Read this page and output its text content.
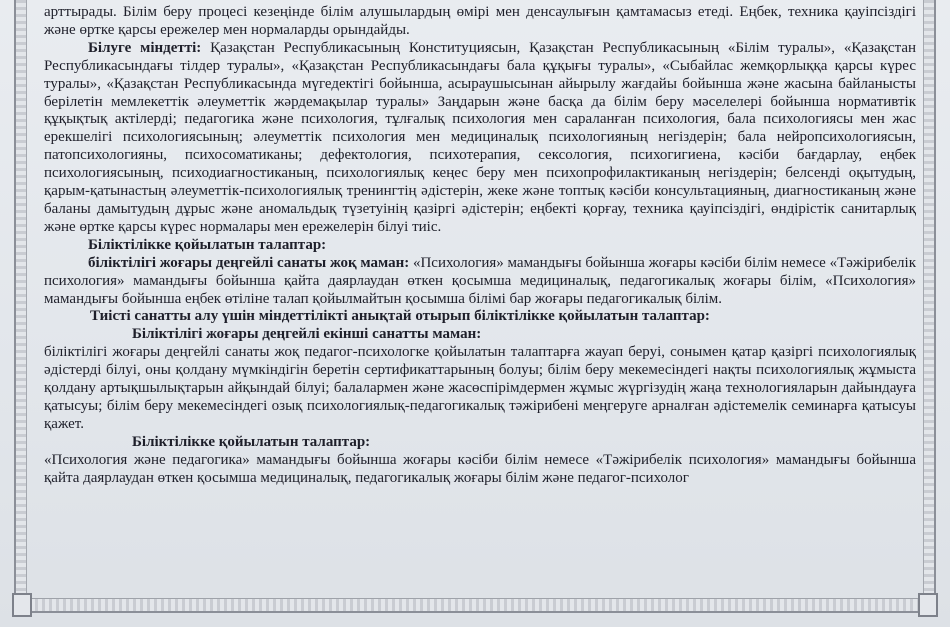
арттырады. Білім беру процесі кезеңінде білім алушылардың өмірі мен денсаулығын қамтамасыз етеді. Еңбек, техника қауіпсіздігі және өртке қарсы ережелер мен нормаларды орындайды.

Білуге міндетті: Қазақстан Республикасының Конституциясын, Қазақстан Республикасының «Білім туралы», «Қазақстан Республикасындағы тілдер туралы», «Қазақстан Республикасындағы бала құқығы туралы», «Сыбайлас жемқорлыққа қарсы күрес туралы», «Қазақстан Республикасында мүгедектігі бойынша, асыраушысынан айырылу жағдайы бойынша және жасына байланысты берілетін мемлекеттік әлеуметтік жәрдемақылар туралы» Заңдарын және басқа да білім беру мәселелері бойынша нормативтік құқықтық актілерді; педагогика және психология, тұлғалық психология мен сараланған психология, бала психологиясы мен жас ерекшелігі психологиясының; әлеуметтік психология мен медициналық психологияның негіздерін; бала нейропсихологиясын, патопсихологияны, психосоматиканы; дефектология, психотерапия, сексология, психогигиена, кәсіби бағдарлау, еңбек психологиясының, психодиагностиканың, психологиялық кеңес беру мен психопрофилактиканың негіздерін; белсенді оқытудың, қарым-қатынастың әлеуметтік-психологиялық тренингтің әдістерін, жеке және топтық кәсіби консультацияның, диагностиканың және баланы дамытудың дұрыс және аномальдық түзетуінің қазіргі әдістерін; еңбекті қорғау, техника қауіпсіздігі, өндірістік санитарлық және өртке қарсы күрес нормалары мен ережелерін білуі тиіс.

Біліктілікке қойылатын талаптар:

біліктілігі жоғары деңгейлі санаты жоқ маман: «Психология» мамандығы бойынша жоғары кәсіби білім немесе «Тәжірибелік психология» мамандығы бойынша қайта даярлаудан өткен қосымша медициналық, педагогикалық жоғары білім, «Психология» мамандығы бойынша еңбек өтіліне талап қойылмайтын қосымша білімі бар жоғары педагогикалық білім.

Тиісті санатты алу үшін міндеттілікті анықтай отырып біліктілікке қойылатын талаптар:

Біліктілігі жоғары деңгейлі екінші санатты маман:

біліктілігі жоғары деңгейлі санаты жоқ педагог-психологке қойылатын талаптарға жауап беруі, сонымен қатар қазіргі психологиялық әдістерді білуі, оны қолдану мүмкіндігін беретін сертификаттарының болуы; білім беру мекемесіндегі нақты психологиялық жұмыста қолдану артықшылықтарын айқындай білуі; балалармен және жасөспірімдермен жұмыс жүргізудің жаңа технологияларын дайындауға қатысуы; білім беру мекемесіндегі озық психологиялық-педагогикалық тәжірибені меңгеруге арналған әдістемелік семинарға қатысуы қажет.

Біліктілікке қойылатын талаптар:

«Психология және педагогика» мамандығы бойынша жоғары кәсіби білім немесе «Тәжірибелік психология» мамандығы бойынша қайта даярлаудан өткен қосымша медициналық, педагогикалық жоғары білім және педагог-психолог
